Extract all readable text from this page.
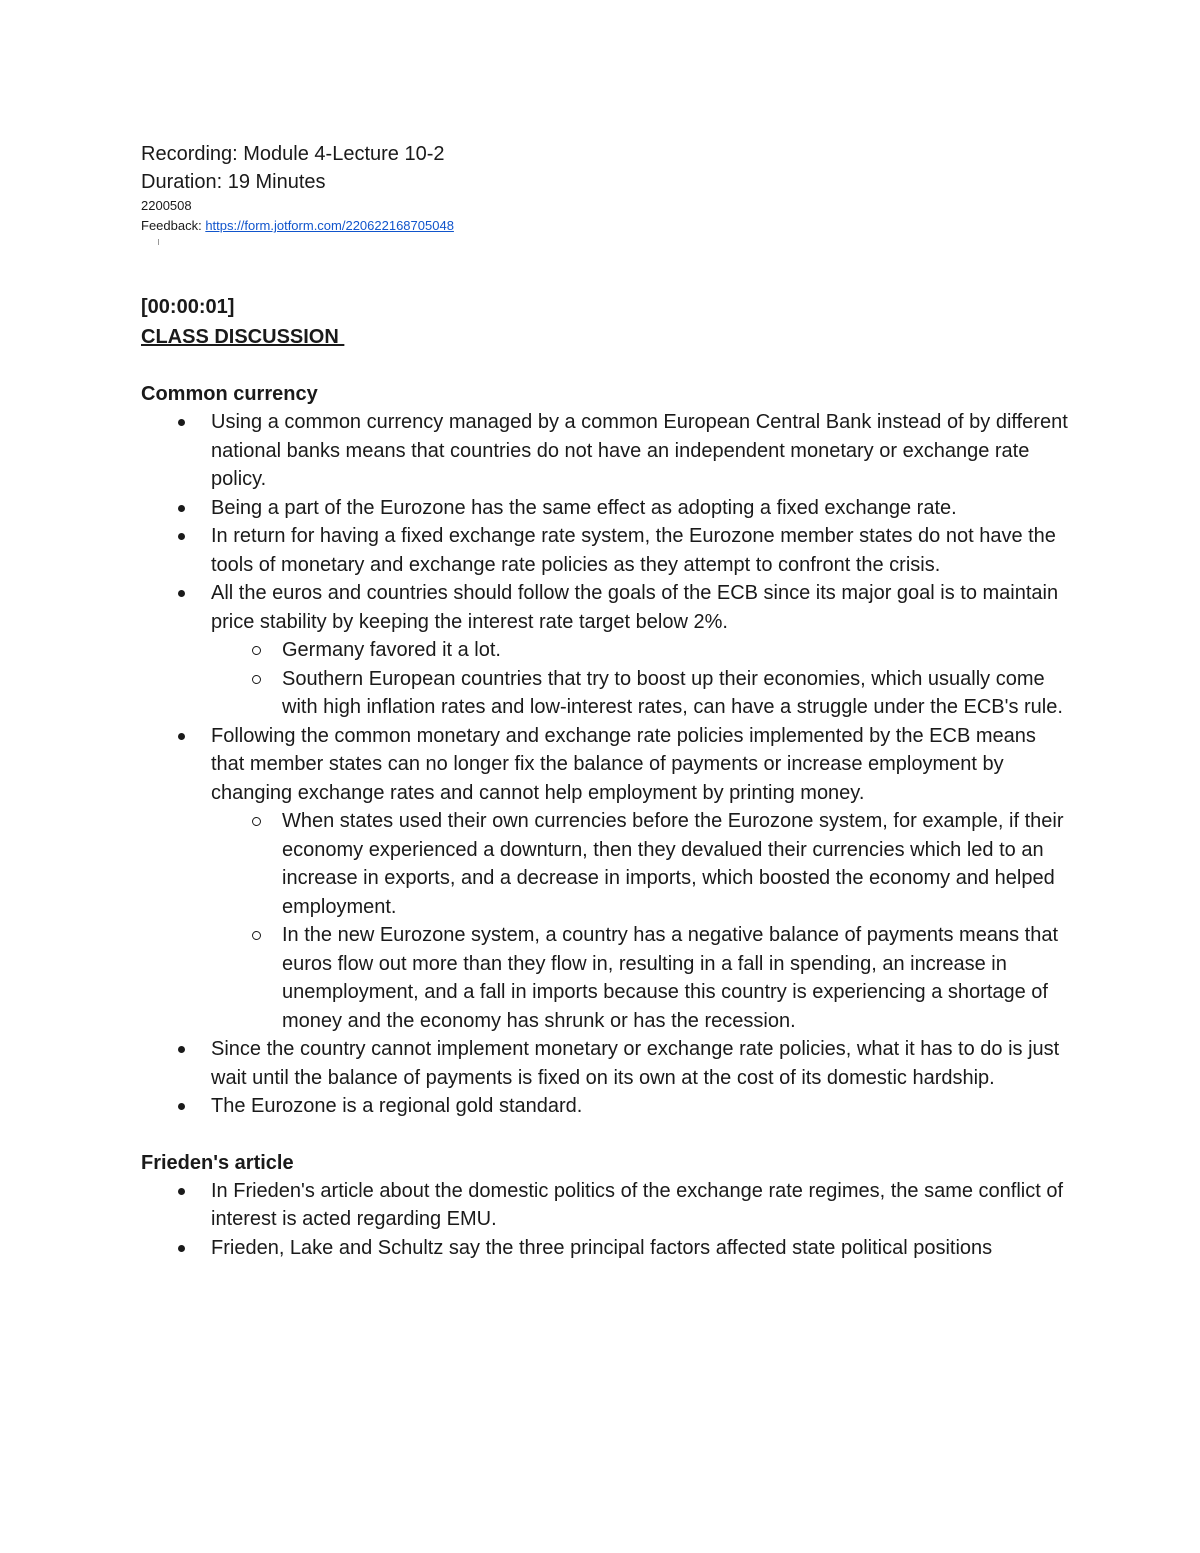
Recording: Module 4-Lecture 10-2
Duration: 19 Minutes
2200508
Feedback: https://form.jotform.com/220622168705048
[00:00:01]
CLASS DISCUSSION
Common currency
Using a common currency managed by a common European Central Bank instead of by different national banks means that countries do not have an independent monetary or exchange rate policy.
Being a part of the Eurozone has the same effect as adopting a fixed exchange rate.
In return for having a fixed exchange rate system, the Eurozone member states do not have the tools of monetary and exchange rate policies as they attempt to confront the crisis.
All the euros and countries should follow the goals of the ECB since its major goal is to maintain price stability by keeping the interest rate target below 2%.
Germany favored it a lot.
Southern European countries that try to boost up their economies, which usually come with high inflation rates and low-interest rates, can have a struggle under the ECB's rule.
Following the common monetary and exchange rate policies implemented by the ECB means that member states can no longer fix the balance of payments or increase employment by changing exchange rates and cannot help employment by printing money.
When states used their own currencies before the Eurozone system, for example, if their economy experienced a downturn, then they devalued their currencies which led to an increase in exports, and a decrease in imports, which boosted the economy and helped employment.
In the new Eurozone system, a country has a negative balance of payments means that euros flow out more than they flow in, resulting in a fall in spending, an increase in unemployment, and a fall in imports because this country is experiencing a shortage of money and the economy has shrunk or has the recession.
Since the country cannot implement monetary or exchange rate policies, what it has to do is just wait until the balance of payments is fixed on its own at the cost of its domestic hardship.
The Eurozone is a regional gold standard.
Frieden's article
In Frieden's article about the domestic politics of the exchange rate regimes, the same conflict of interest is acted regarding EMU.
Frieden, Lake and Schultz say the three principal factors affected state political positions
